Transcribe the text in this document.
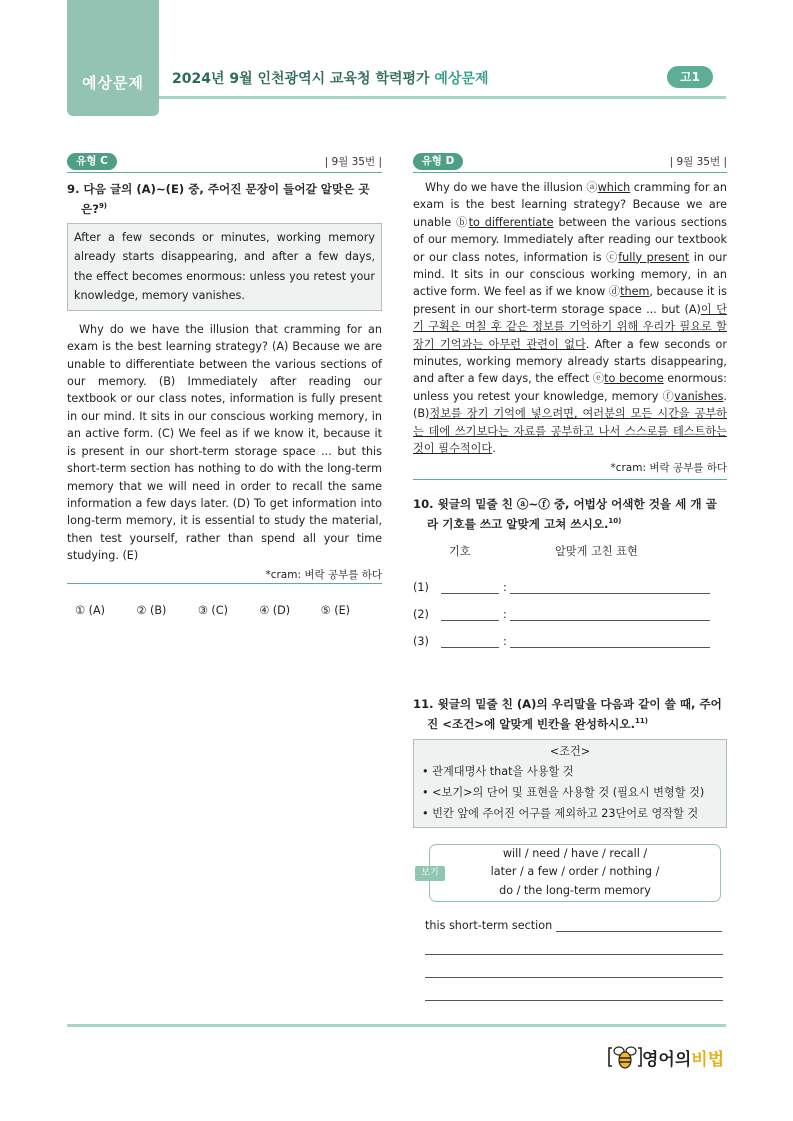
예상문제	2024년 9월 인천광역시 교육청 학력평가 예상문제	고1
유형 C	| 9월 35번 |

9. 다음 글의 (A)~(E) 중, 주어진 문장이 들어갈 알맞은 곳은?$^{9)}$

After a few seconds or minutes, working memory already starts disappearing, and after a few days, the effect becomes enormous: unless you retest your knowledge, memory vanishes.

Why do we have the illusion that cramming for an exam is the best learning strategy? (A) Because we are unable to differentiate between the various sections of our memory. (B) Immediately after reading our textbook or our class notes, information is fully present in our mind. It sits in our conscious working memory, in an active form. (C) We feel as if we know it, because it is present in our short-term storage space ... but this short-term section has nothing to do with the long-term memory that we will need in order to recall the same information a few days later. (D) To get information into long-term memory, it is essential to study the material, then test yourself, rather than spend all your time studying. (E)

*cram: 벼락 공부를 하다

① (A)	② (B)	③ (C)	④ (D)	⑤ (E)
유형 D	| 9월 35번 |

Why do we have the illusion ⓐwhich cramming for an exam is the best learning strategy? Because we are unable ⓑto differentiate between the various sections of our memory. Immediately after reading our textbook or our class notes, information is ⓒfully present in our mind. It sits in our conscious working memory, in an active form. We feel as if we know ⓓthem, because it is present in our short-term storage space ... but (A)이 단기 구획은 며칠 후 같은 정보를 기억하기 위해 우리가 필요로 할 장기 기억과는 아무런 관련이 없다. After a few seconds or minutes, working memory already starts disappearing, and after a few days, the effect ⓔto become enormous: unless you retest your knowledge, memory ⓕvanishes. (B)정보를 장기 기억에 넣으려면, 여러분의 모든 시간을 공부하는 데에 쓰기보다는 자료를 공부하고 나서 스스로를 테스트하는 것이 필수적이다.

*cram: 벼락 공부를 하다

10. 윗글의 밑줄 친 ⓐ~ⓕ 중, 어법상 어색한 것을 세 개 골라 기호를 쓰고 알맞게 고쳐 쓰시오.$^{10)}$

기호	알맞게 고친 표현
(1)	:
(2)	:
(3)	:

11. 윗글의 밑줄 친 (A)의 우리말을 다음과 같이 쓸 때, 주어진 <조건>에 알맞게 빈칸을 완성하시오.$^{11)}$

<조건>
• 관계대명사 that을 사용할 것
• <보기>의 단어 및 표현을 사용할 것 (필요시 변형할 것)
• 빈칸 앞에 주어진 어구를 제외하고 23단어로 영작할 것
will / need / have / recall /
later / a few / order / nothing /
do / the long-term memory
보기
this short-term section
영어의비법
